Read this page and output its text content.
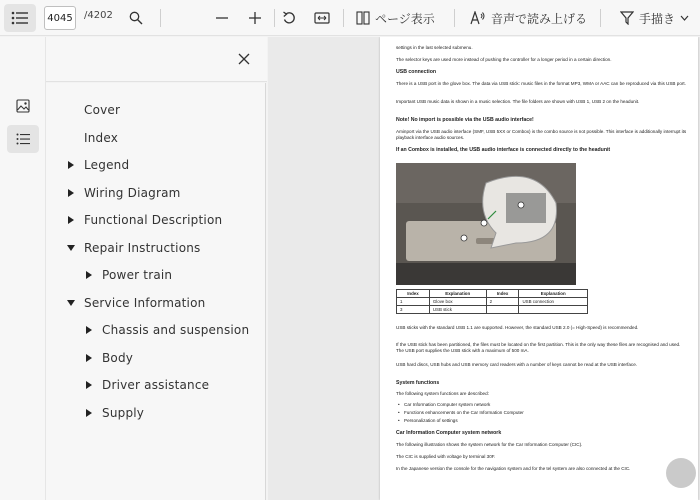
4045	/4202	ページ表示	音声で読み上げる	手描き
Cover
Index
Legend
Wiring Diagram
Functional Description
Repair Instructions
Power train
Service Information
Chassis and suspension
Body
Driver assistance
Supply
settings in the last selected submenu.
The selector keys are used more instead of pushing the controller for a longer period in a certain direction.
USB connection
There is a USB port in the glove box. The data via USB stick: music files in the format MP3, WMA or AAC can be reproduced via this USB port.
Important USB music data is shown in a music selection. The file folders are shown with USB 1, USB 2 on the headunit.
Note! No import is possible via the USB audio interface!
Aminport via the USB audio interface (SMF, USB 5XX or Combox) is the combo source is not possible. This interface is additionally interrupt its playback interface audio sources.
If an Combox is installed, the USB audio interface is connected directly to the headunit
Index	Explanation	Index	Explanation
1	Glove box	2	USB connection
3	USB stick		
USB sticks with the standard USB 1.1 are supported. However, the standard USB 2.0 (= High-Speed) is recommended.
If the USB stick has been partitioned, the files must be located on the first partition. This is the only way these files are recognised and used. The USB port supplies the USB stick with a maximum of 500 mA.
USB hard discs, USB hubs and USB memory card readers with a number of keys cannot be read at the USB interface.
System functions
The following system functions are described:
• Car Information Computer system network
• Functions enhancements on the Car Information Computer
• Personalization of settings
Car Information Computer system network
The following illustration shows the system network for the Car Information Computer (CIC).
The CIC is supplied with voltage by terminal 30F.
In the Japanese version the console for the navigation system and for the tel system are also connected at the CIC.
